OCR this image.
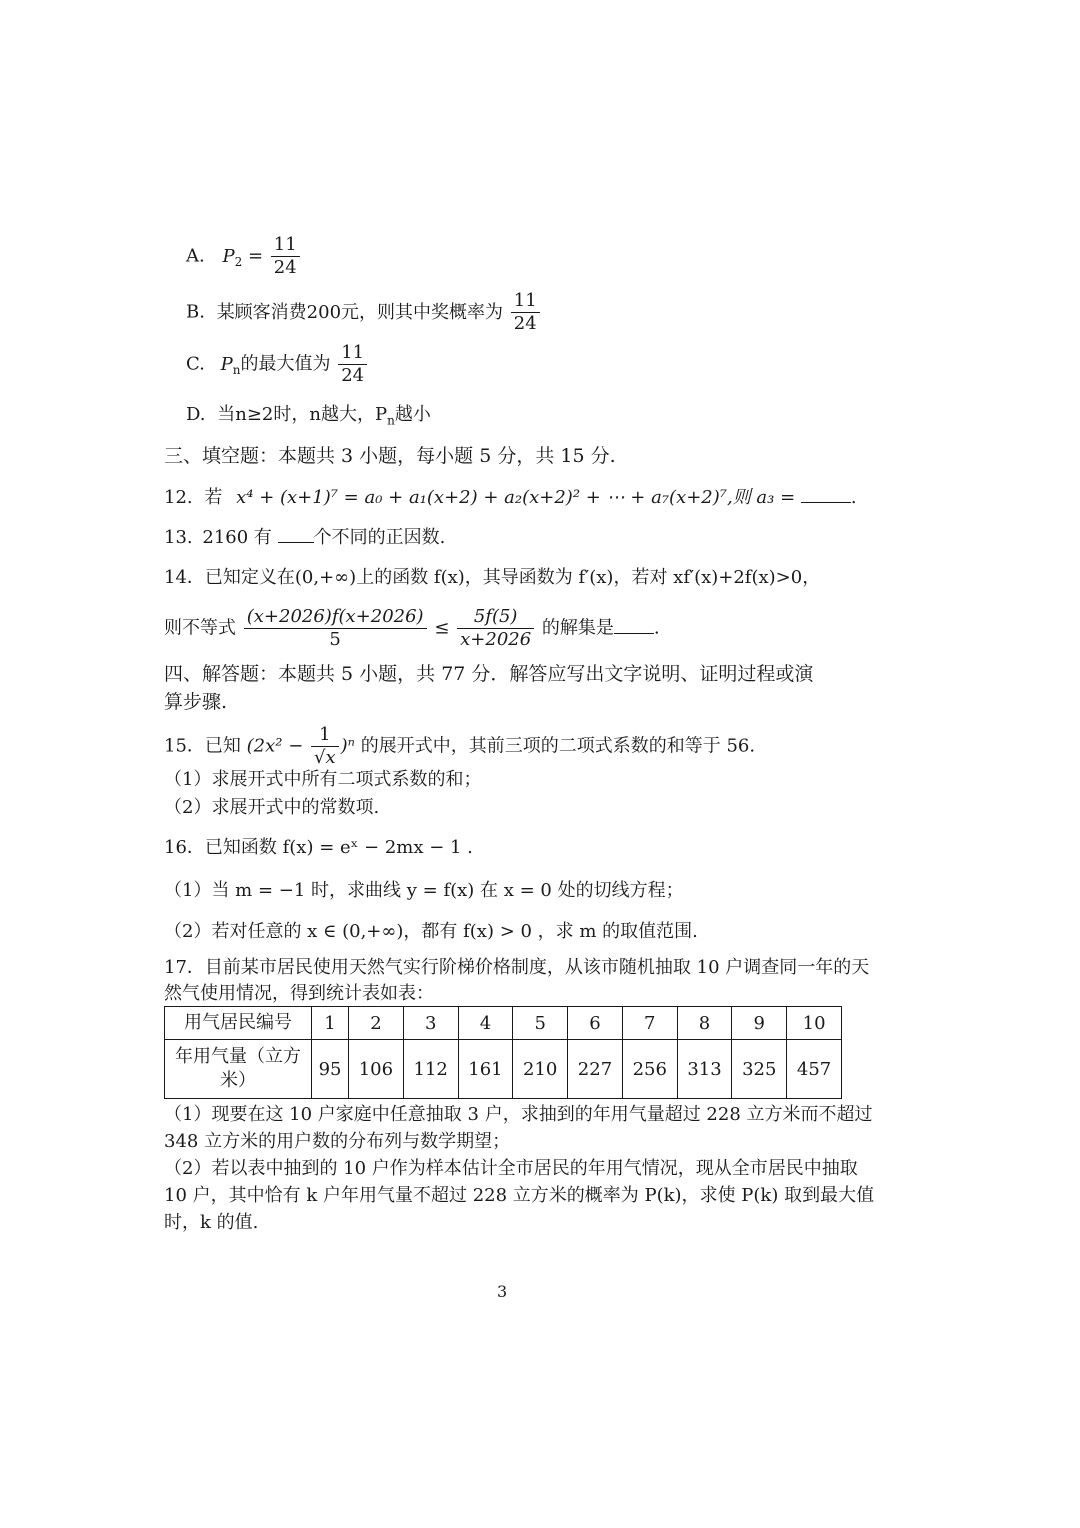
A. $P_2 = \frac{11}{24}$
B. 某顾客消费200元，则其中奖概率为 $\frac{11}{24}$
C. $P_n$的最大值为 $\frac{11}{24}$
D. 当n≥2时，n越大，$P_n$越小
三、填空题：本题共 3 小题，每小题 5 分，共 15 分.
12. 若 x⁴ + (x+1)⁷ = a₀ + a₁(x+2) + a₂(x+2)² + ⋯ + a₇(x+2)⁷,则 a₃ =	.
13. 2160 有 个不同的正因数.
14．已知定义在(0,+∞)上的函数 f(x)，其导函数为 f′(x)，若对 xf′(x)+2f(x)>0，
则不等式 $\frac{(x+2026)f(x+2026)}{5} \le \frac{5f(5)}{x+2026}$ 的解集是 .
四、解答题：本题共 5 小题，共 77 分．解答应写出文字说明、证明过程或演
算步骤.
15．已知 $(2x^2 - \frac{1}{√x} )^n$ 的展开式中，其前三项的二项式系数的和等于 56.
（1）求展开式中所有二项式系数的和；
（2）求展开式中的常数项.
16．已知函数 f(x) = eˣ − 2mx − 1 .
（1）当 m = −1 时，求曲线 y = f(x) 在 x = 0 处的切线方程；
（2）若对任意的 x ∈ (0,+∞)，都有 f(x) > 0 ，求 m 的取值范围.
17．目前某市居民使用天然气实行阶梯价格制度，从该市随机抽取 10 户调查同一年的天
然气使用情况，得到统计表如表：
用气居民编号	1	2	3	4	5	6	7	8	9	10

年用气量（立方
米）	95	106	112	161	210	227	256	313	325	457
（1）现要在这 10 户家庭中任意抽取 3 户，求抽到的年用气量超过 228 立方米而不超过
348 立方米的用户数的分布列与数学期望；
（2）若以表中抽到的 10 户作为样本估计全市居民的年用气情况，现从全市居民中抽取
10 户，其中恰有 k 户年用气量不超过 228 立方米的概率为 P(k)，求使 P(k) 取到最大值
时，k 的值.
3
